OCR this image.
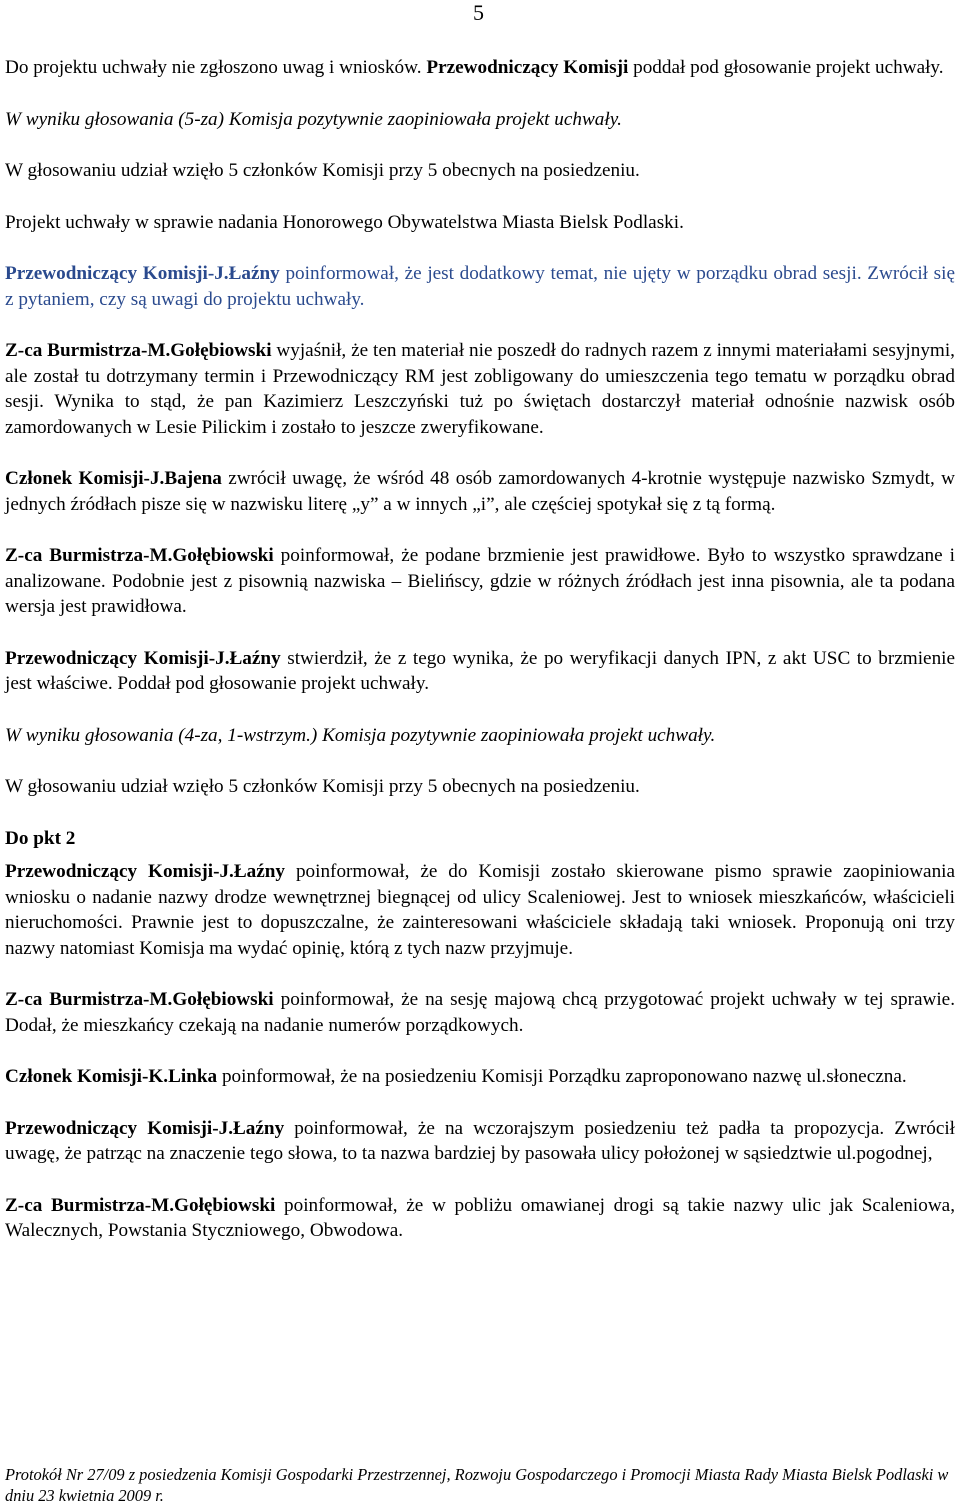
5

Do projektu uchwały nie zgłoszono uwag i wniosków. Przewodniczący Komisji poddał pod głosowanie projekt uchwały.

W wyniku głosowania (5-za) Komisja pozytywnie zaopiniowała projekt uchwały.

W głosowaniu udział wzięło 5 członków Komisji przy 5 obecnych na posiedzeniu.

Projekt uchwały w sprawie nadania Honorowego Obywatelstwa Miasta Bielsk Podlaski.

Przewodniczący Komisji-J.Łaźny poinformował, że jest dodatkowy temat, nie ujęty w porządku obrad sesji. Zwrócił się z pytaniem, czy są uwagi do projektu uchwały.

Z-ca Burmistrza-M.Gołębiowski wyjaśnił, że ten materiał nie poszedł do radnych razem z innymi materiałami sesyjnymi, ale został tu dotrzymany termin i Przewodniczący RM jest zobligowany do umieszczenia tego tematu w porządku obrad sesji. Wynika to stąd, że pan Kazimierz Leszczyński tuż po świętach dostarczył materiał odnośnie nazwisk osób zamordowanych w Lesie Pilickim i zostało to jeszcze zweryfikowane.

Członek Komisji-J.Bajena zwrócił uwagę, że wśród 48 osób zamordowanych 4-krotnie występuje nazwisko Szmydt, w jednych źródłach pisze się w nazwisku literę „y” a w innych „i”, ale częściej spotykał się z tą formą.

Z-ca Burmistrza-M.Gołębiowski poinformował, że podane brzmienie jest prawidłowe. Było to wszystko sprawdzane i analizowane. Podobnie jest z pisownią nazwiska – Bielińscy, gdzie w różnych źródłach jest inna pisownia, ale ta podana wersja jest prawidłowa.

Przewodniczący Komisji-J.Łaźny stwierdził, że z tego wynika, że po weryfikacji danych IPN, z akt USC to brzmienie jest właściwe. Poddał pod głosowanie projekt uchwały.

W wyniku głosowania (4-za, 1-wstrzym.) Komisja pozytywnie zaopiniowała projekt uchwały.

W głosowaniu udział wzięło 5 członków Komisji przy 5 obecnych na posiedzeniu.

Do pkt 2

Przewodniczący Komisji-J.Łaźny poinformował, że do Komisji zostało skierowane pismo sprawie zaopiniowania wniosku o nadanie nazwy drodze wewnętrznej biegnącej od ulicy Scaleniowej. Jest to wniosek mieszkańców, właścicieli nieruchomości. Prawnie jest to dopuszczalne, że zainteresowani właściciele składają taki wniosek. Proponują oni trzy nazwy natomiast Komisja ma wydać opinię, którą z tych nazw przyjmuje.

Z-ca Burmistrza-M.Gołębiowski poinformował, że na sesję majową chcą przygotować projekt uchwały w tej sprawie. Dodał, że mieszkańcy czekają na nadanie numerów porządkowych.

Członek Komisji-K.Linka poinformował, że na posiedzeniu Komisji Porządku zaproponowano nazwę ul.słoneczna.

Przewodniczący Komisji-J.Łaźny poinformował, że na wczorajszym posiedzeniu też padła ta propozycja. Zwrócił uwagę, że patrząc na znaczenie tego słowa, to ta nazwa bardziej by pasowała ulicy położonej w sąsiedztwie ul.pogodnej,

Z-ca Burmistrza-M.Gołębiowski poinformował, że w pobliżu omawianej drogi są takie nazwy ulic jak Scaleniowa, Walecznych, Powstania Styczniowego, Obwodowa.

Protokół Nr 27/09 z posiedzenia Komisji Gospodarki Przestrzennej, Rozwoju Gospodarczego i Promocji Miasta Rady Miasta Bielsk Podlaski w dniu 23 kwietnia 2009 r.
